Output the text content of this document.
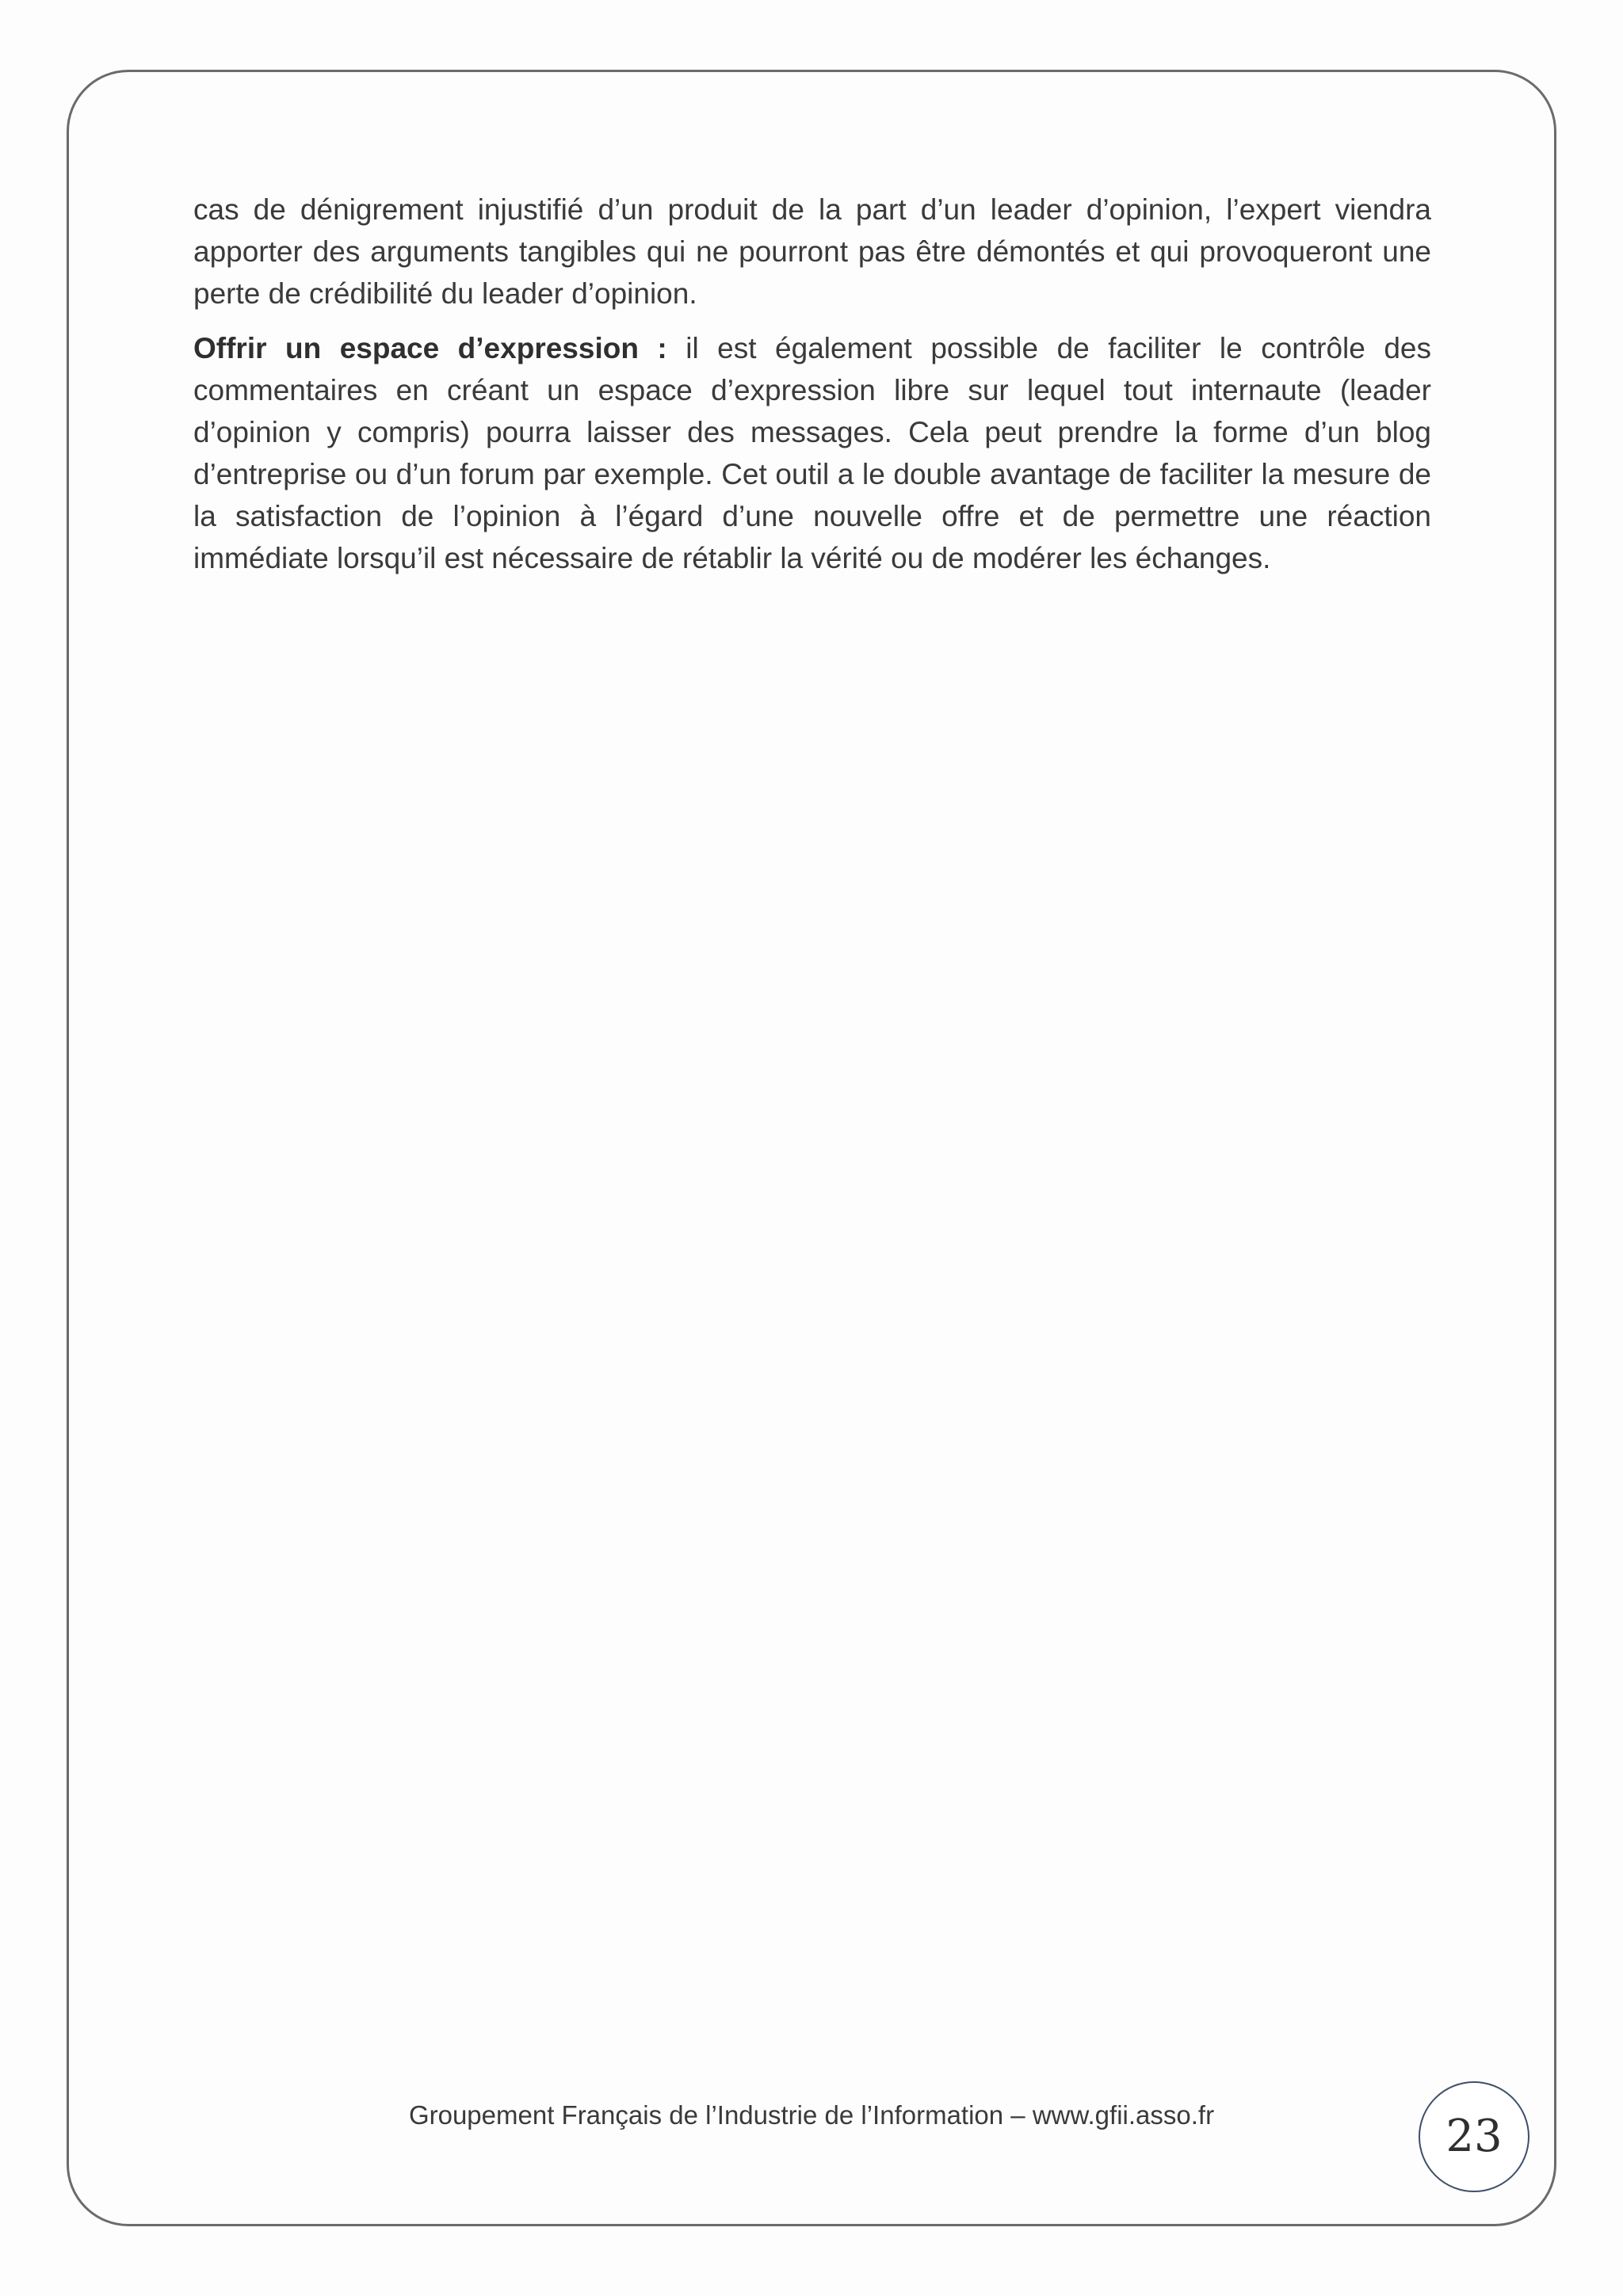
cas de dénigrement injustifié d’un produit de la part d’un leader d’opinion, l’expert viendra apporter des arguments tangibles qui ne pourront pas être démontés et qui provoqueront une perte de crédibilité du leader d’opinion.

Offrir un espace d’expression : il est également possible de faciliter le contrôle des commentaires en créant un espace d’expression libre sur lequel tout internaute (leader d’opinion y compris) pourra laisser des messages. Cela peut prendre la forme d’un blog d’entreprise ou d’un forum par exemple. Cet outil a le double avantage de faciliter la mesure de la satisfaction de l’opinion à l’égard d’une nouvelle offre et de permettre une réaction immédiate lorsqu’il est nécessaire de rétablir la vérité ou de modérer les échanges.

Groupement Français de l’Industrie de l’Information – www.gfii.asso.fr	23
